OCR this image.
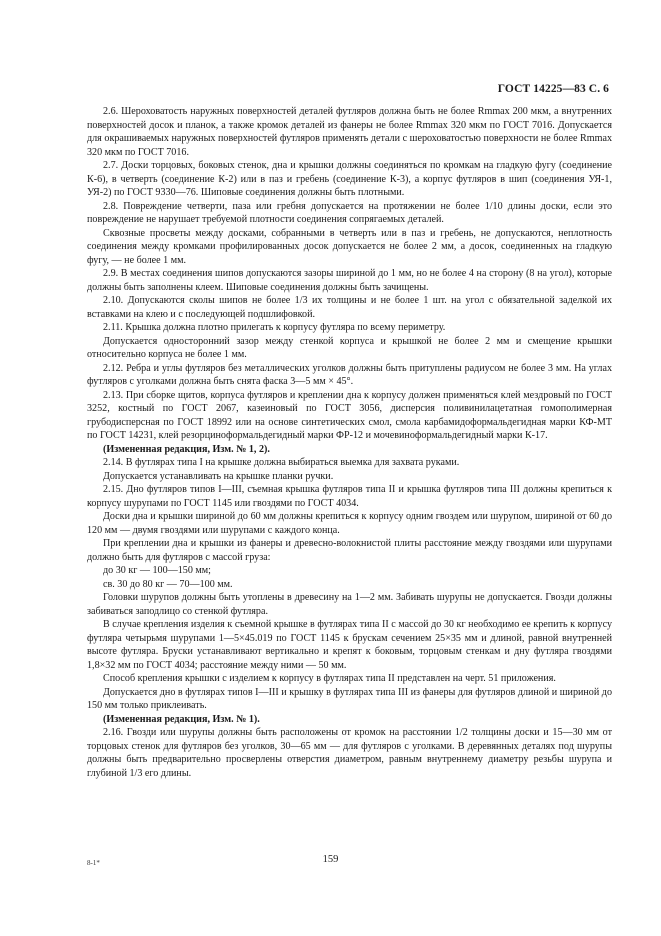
ГОСТ 14225—83 С. 6

2.6. Шероховатость наружных поверхностей деталей футляров должна быть не более Rmmax 200 мкм, а внутренних поверхностей досок и планок, а также кромок деталей из фанеры не более Rmmax 320 мкм по ГОСТ 7016. Допускается для окрашиваемых наружных поверхностей футляров применять детали с шероховатостью поверхности не более Rmmax 320 мкм по ГОСТ 7016.

2.7. Доски торцовых, боковых стенок, дна и крышки должны соединяться по кромкам на гладкую фугу (соединение К-6), в четверть (соединение К-2) или в паз и гребень (соединение К-3), а корпус футляров в шип (соединения УЯ-1, УЯ-2) по ГОСТ 9330—76. Шиповые соединения должны быть плотными.

2.8. Повреждение четверти, паза или гребня допускается на протяжении не более 1/10 длины доски, если это повреждение не нарушает требуемой плотности соединения сопрягаемых деталей.

Сквозные просветы между досками, собранными в четверть или в паз и гребень, не допускаются, неплотность соединения между кромками профилированных досок допускается не более 2 мм, а досок, соединенных на гладкую фугу, — не более 1 мм.

2.9. В местах соединения шипов допускаются зазоры шириной до 1 мм, но не более 4 на сторону (8 на угол), которые должны быть заполнены клеем. Шиповые соединения должны быть зачищены.

2.10. Допускаются сколы шипов не более 1/3 их толщины и не более 1 шт. на угол с обязательной заделкой их вставками на клею и с последующей подшлифовкой.

2.11. Крышка должна плотно прилегать к корпусу футляра по всему периметру.

Допускается односторонний зазор между стенкой корпуса и крышкой не более 2 мм и смещение крышки относительно корпуса не более 1 мм.

2.12. Ребра и углы футляров без металлических уголков должны быть притуплены радиусом не более 3 мм. На углах футляров с уголками должна быть снята фаска 3—5 мм × 45°.

2.13. При сборке щитов, корпуса футляров и креплении дна к корпусу должен применяться клей мездровый по ГОСТ 3252, костный по ГОСТ 2067, казеиновый по ГОСТ 3056, дисперсия поливинилацетатная гомополимерная грубодисперсная по ГОСТ 18992 или на основе синтетических смол, смола карбамидоформальдегидная марки КФ-МТ по ГОСТ 14231, клей резорциноформальдегидный марки ФР-12 и мочевиноформальдегидный марки К-17.

(Измененная редакция, Изм. № 1, 2).

2.14. В футлярах типа I на крышке должна выбираться выемка для захвата руками.

Допускается устанавливать на крышке планки ручки.

2.15. Дно футляров типов I—III, съемная крышка футляров типа II и крышка футляров типа III должны крепиться к корпусу шурупами по ГОСТ 1145 или гвоздями по ГОСТ 4034.

Доски дна и крышки шириной до 60 мм должны крепиться к корпусу одним гвоздем или шурупом, шириной от 60 до 120 мм — двумя гвоздями или шурупами с каждого конца.

При креплении дна и крышки из фанеры и древесно-волокнистой плиты расстояние между гвоздями или шурупами должно быть для футляров с массой груза:

до 30 кг — 100—150 мм;

св. 30 до 80 кг — 70—100 мм.

Головки шурупов должны быть утоплены в древесину на 1—2 мм. Забивать шурупы не допускается. Гвозди должны забиваться заподлицо со стенкой футляра.

В случае крепления изделия к съемной крышке в футлярах типа II с массой до 30 кг необходимо ее крепить к корпусу футляра четырьмя шурупами 1—5×45.019 по ГОСТ 1145 к брускам сечением 25×35 мм и длиной, равной внутренней высоте футляра. Бруски устанавливают вертикально и крепят к боковым, торцовым стенкам и дну футляра гвоздями 1,8×32 мм по ГОСТ 4034; расстояние между ними — 50 мм.

Способ крепления крышки с изделием к корпусу в футлярах типа II представлен на черт. 51 приложения.

Допускается дно в футлярах типов I—III и крышку в футлярах типа III из фанеры для футляров длиной и шириной до 150 мм только приклеивать.

(Измененная редакция, Изм. № 1).

2.16. Гвозди или шурупы должны быть расположены от кромок на расстоянии 1/2 толщины доски и 15—30 мм от торцовых стенок для футляров без уголков, 30—65 мм — для футляров с уголками. В деревянных деталях под шурупы должны быть предварительно просверлены отверстия диаметром, равным внутреннему диаметру резьбы шурупа и глубиной 1/3 его длины.

8-1*	159
